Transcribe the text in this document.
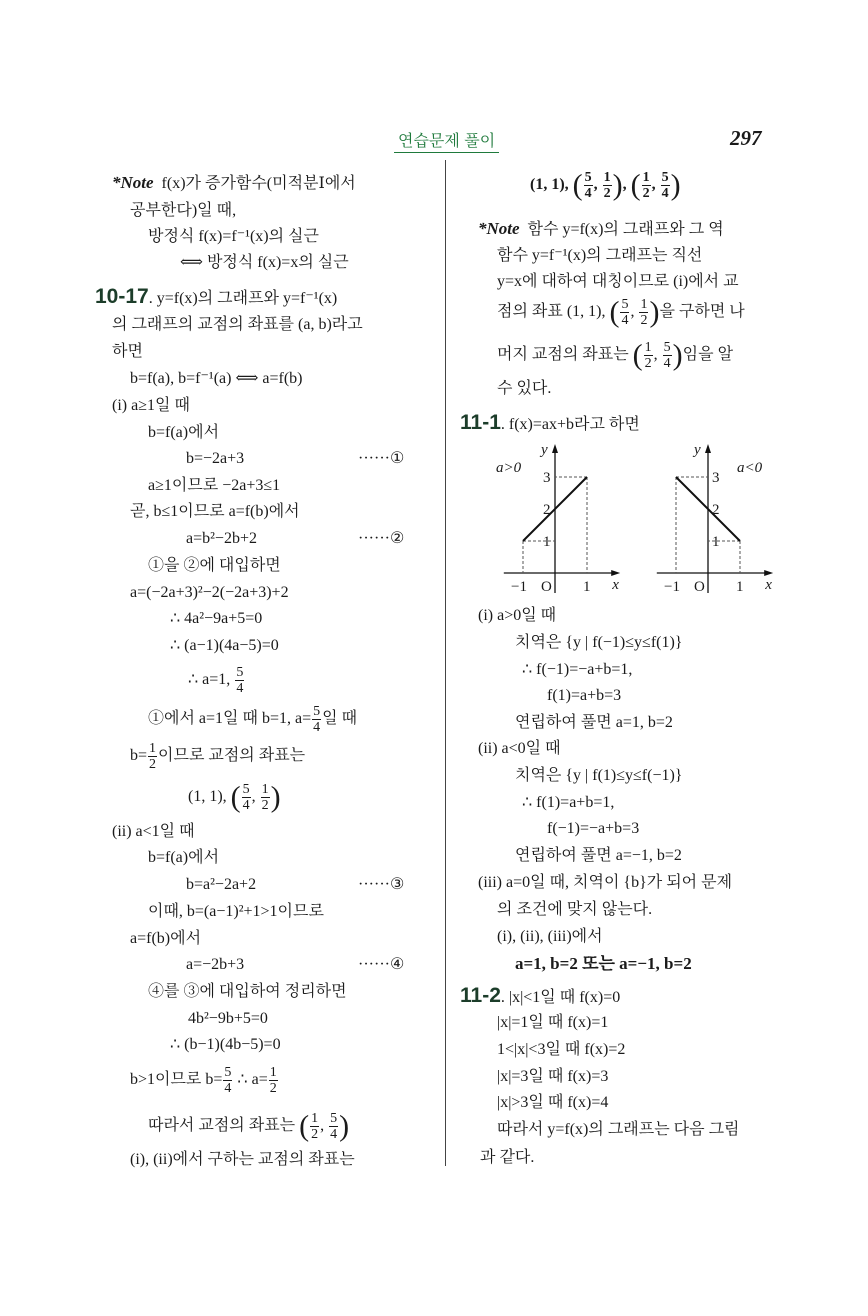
연습문제 풀이	297
*Note f(x)가 증가함수(미적분Ⅰ에서
공부한다)일 때,
방정식 f(x)=f⁻¹(x)의 실근
⟺ 방정식 f(x)=x의 실근
10-17. y=f(x)의 그래프와 y=f⁻¹(x)
의 그래프의 교점의 좌표를 (a, b)라고
하면
b=f(a), b=f⁻¹(a) ⟺ a=f(b)
(i) a≥1일 때
b=f(a)에서
b=−2a+3	······①
a≥1이므로 −2a+3≤1
곧, b≤1이므로 a=f(b)에서
a=b²−2b+2	······②
①을 ②에 대입하면
a=(−2a+3)²−2(−2a+3)+2
∴ 4a²−9a+5=0
∴ (a−1)(4a−5)=0
∴ a=1, $\frac{5}{4}$
①에서 a=1일 때 b=1, $a= \frac{5}{4}$ 일 때
$b= \frac{1}{2}$ 이므로 교점의 좌표는
(1, 1), ( $\frac{5}{4}$ , $\frac{1}{2}$ )
(ii) a<1일 때
b=f(a)에서
b=a²−2a+2	······③
이때, b=(a−1)²+1>1이므로
a=f(b)에서
a=−2b+3	······④
④를 ③에 대입하여 정리하면
4b²−9b+5=0
∴ (b−1)(4b−5)=0
b>1이므로 $b= \frac{5}{4}$ ∴ $a= \frac{1}{2}$
따라서 교점의 좌표는 ( $\frac{1}{2}$ , $\frac{5}{4}$ )
(i), (ii)에서 구하는 교점의 좌표는
(1, 1), ( $\frac{5}{4}$ , $\frac{1}{2}$ ), ( $\frac{1}{2}$ , $\frac{5}{4}$ )
*Note 함수 y=f(x)의 그래프와 그 역
함수 y=f⁻¹(x)의 그래프는 직선
y=x에 대하여 대칭이므로 (i)에서 교
점의 좌표 (1, 1), ( $\frac{5}{4}$ , $\frac{1}{2}$ )을 구하면 나
머지 교점의 좌표는 ( $\frac{1}{2}$ , $\frac{5}{4}$ )임을 알
수 있다.
11-1. f(x)=ax+b라고 하면
1
2
3
−1 O 1 x
y
a>0
1
2
3
−1 O 1 x
y
a<0
(i) a>0일 때
치역은 {y | f(−1)≤y≤f(1)}
∴ f(−1)=−a+b=1,
f(1)=a+b=3
연립하여 풀면 a=1, b=2
(ii) a<0일 때
치역은 {y | f(1)≤y≤f(−1)}
∴ f(1)=a+b=1,
f(−1)=−a+b=3
연립하여 풀면 a=−1, b=2
(iii) a=0일 때, 치역이 {b}가 되어 문제
의 조건에 맞지 않는다.
(i), (ii), (iii)에서
a=1, b=2 또는 a=−1, b=2
11-2. |x|<1일 때 f(x)=0
|x|=1일 때 f(x)=1
1<|x|<3일 때 f(x)=2
|x|=3일 때 f(x)=3
|x|>3일 때 f(x)=4
따라서 y=f(x)의 그래프는 다음 그림
과 같다.
